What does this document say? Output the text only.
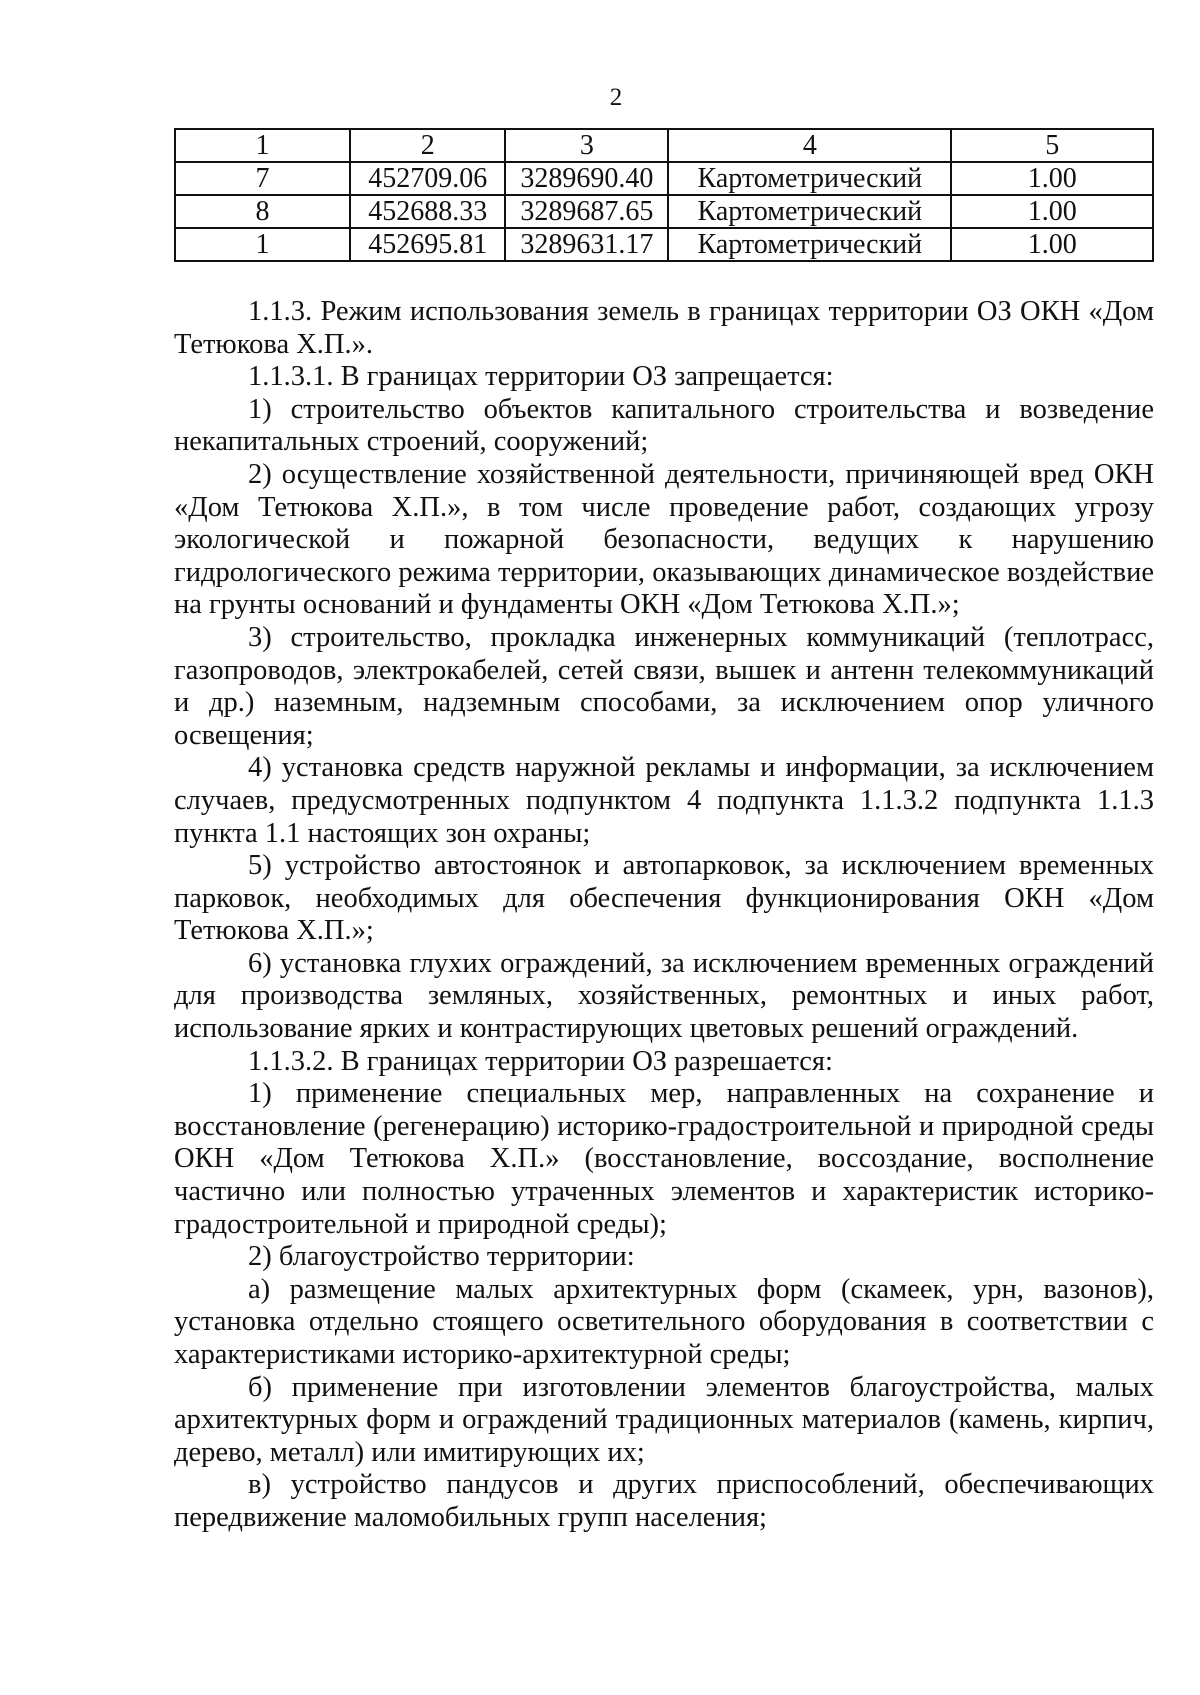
2
1	2	3	4	5
7	452709.06	3289690.40	Картометрический	1.00
8	452688.33	3289687.65	Картометрический	1.00
1	452695.81	3289631.17	Картометрический	1.00

1.1.3. Режим использования земель в границах территории ОЗ ОКН «Дом Тетюкова Х.П.».

1.1.3.1. В границах территории ОЗ запрещается:

1) строительство объектов капитального строительства и возведение некапитальных строений, сооружений;

2) осуществление хозяйственной деятельности, причиняющей вред ОКН «Дом Тетюкова Х.П.», в том числе проведение работ, создающих угрозу экологической и пожарной безопасности, ведущих к нарушению гидрологического режима территории, оказывающих динамическое воздействие на грунты оснований и фундаменты ОКН «Дом Тетюкова Х.П.»;

3) строительство, прокладка инженерных коммуникаций (теплотрасс, газопроводов, электрокабелей, сетей связи, вышек и антенн телекоммуникаций и др.) наземным, надземным способами, за исключением опор уличного освещения;

4) установка средств наружной рекламы и информации, за исключением случаев, предусмотренных подпунктом 4 подпункта 1.1.3.2 подпункта 1.1.3 пункта 1.1 настоящих зон охраны;

5) устройство автостоянок и автопарковок, за исключением временных парковок, необходимых для обеспечения функционирования ОКН «Дом Тетюкова Х.П.»;

6) установка глухих ограждений, за исключением временных ограждений для производства земляных, хозяйственных, ремонтных и иных работ, использование ярких и контрастирующих цветовых решений ограждений.

1.1.3.2. В границах территории ОЗ разрешается:

1) применение специальных мер, направленных на сохранение и восстановление (регенерацию) историко-градостроительной и природной среды ОКН «Дом Тетюкова Х.П.» (восстановление, воссоздание, восполнение частично или полностью утраченных элементов и характеристик историко-градостроительной и природной среды);

2) благоустройство территории:

а) размещение малых архитектурных форм (скамеек, урн, вазонов), установка отдельно стоящего осветительного оборудования в соответствии с характеристиками историко-архитектурной среды;

б) применение при изготовлении элементов благоустройства, малых архитектурных форм и ограждений традиционных материалов (камень, кирпич, дерево, металл) или имитирующих их;

в) устройство пандусов и других приспособлений, обеспечивающих передвижение маломобильных групп населения;
